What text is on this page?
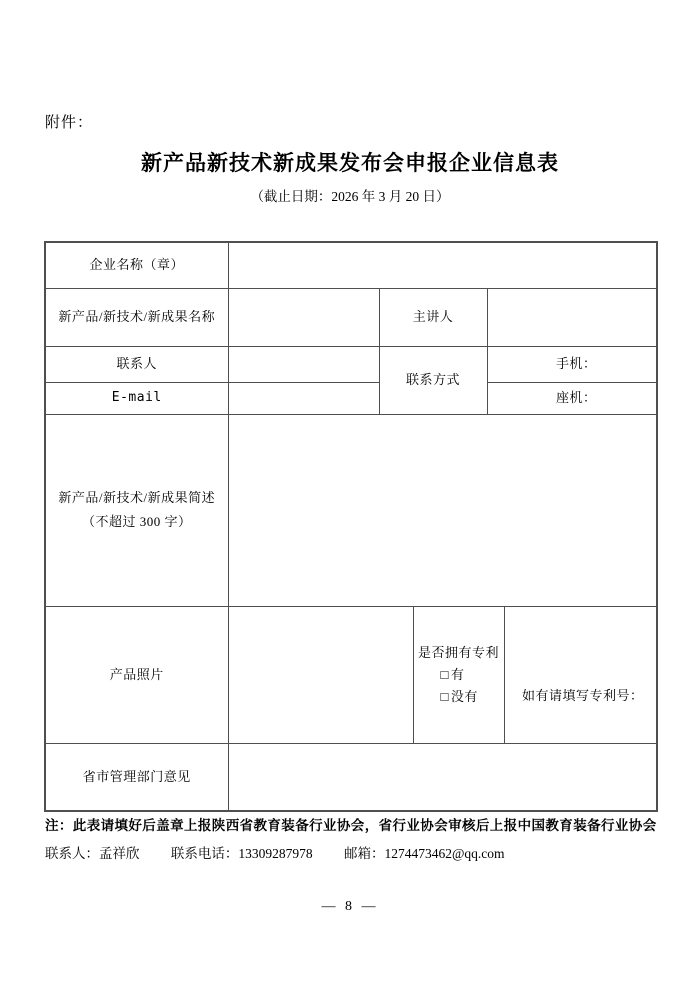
附件：
新产品新技术新成果发布会申报企业信息表
（截止日期：2026 年 3 月 20 日）
企业名称（章）					
新产品/新技术/新成果名称		主讲人			
联系人		联系方式		手机：	
E-mail				座机：	

新产品/新技术/新成果简述
（不超过 300 字）					

产品照片			是否拥有专利
□ 有
□ 没有		如有请填写专利号：
省市管理部门意见					
注：此表请填好后盖章上报陕西省教育装备行业协会，省行业协会审核后上报中国教育装备行业协会
联系人：孟祥欣 联系电话：13309287978 邮箱：1274473462@qq.com
— 8 —
